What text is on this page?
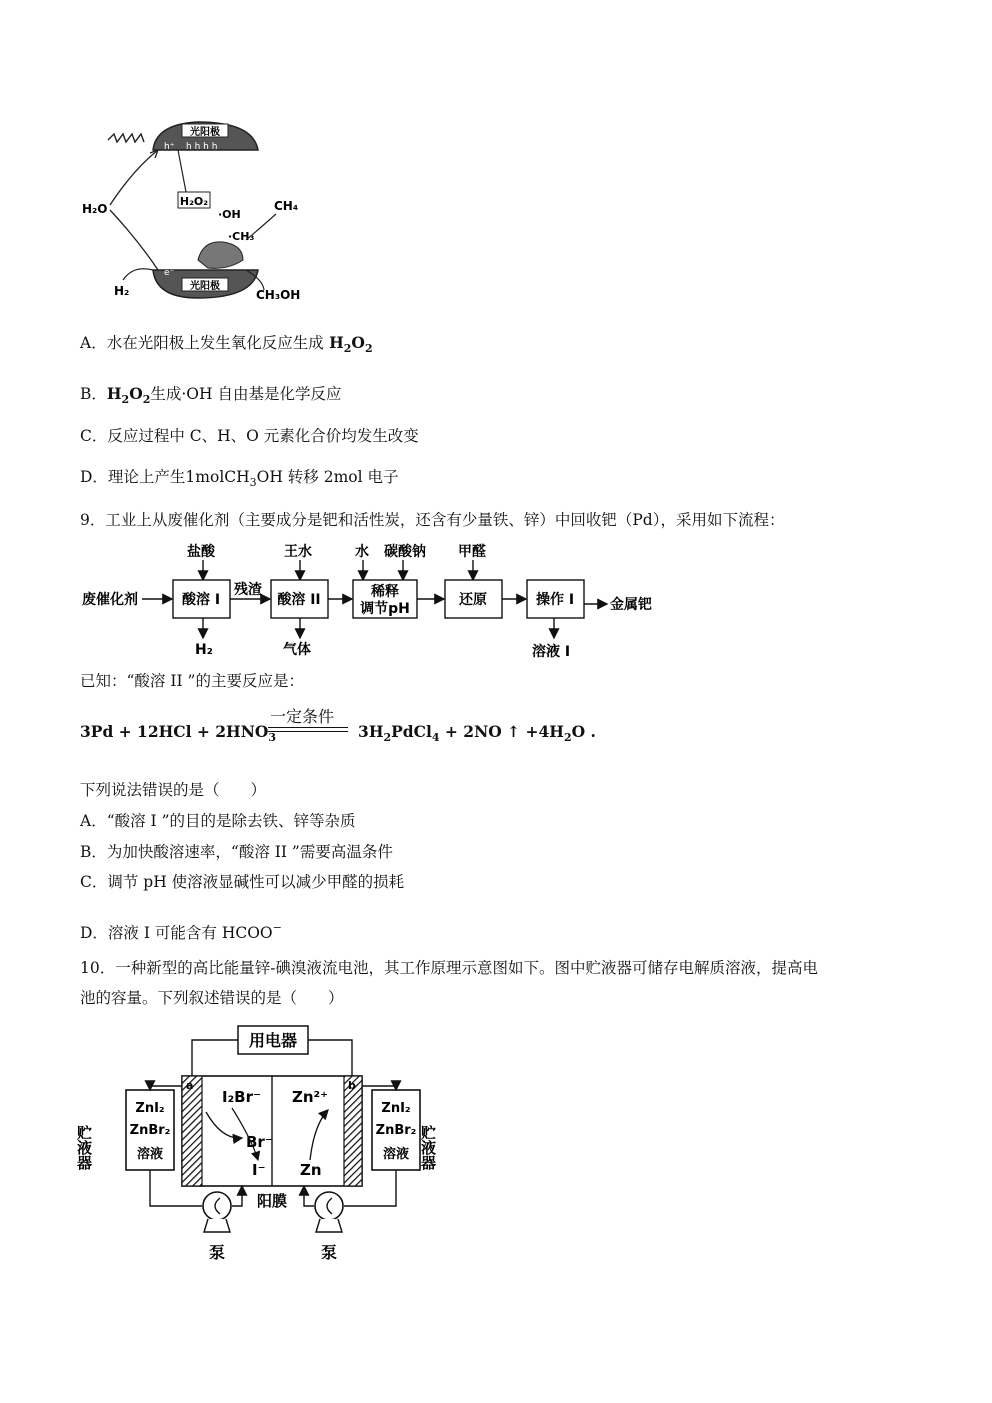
光阳极
h⁺ h h h h
光阳极
e⁻
H₂O
H₂O₂
·OH
·CH₃
CH₄
H₂	CH₃OH
A．水在光阳极上发生氧化反应生成 $H_2O_2$
B．$H_2O_2$生成·OH 自由基是化学反应
C．反应过程中 C、H、O 元素化合价均发生改变
D．理论上产生1molCH$_3$OH 转移 2mol 电子
9．工业上从废催化剂（主要成分是钯和活性炭，还含有少量铁、锌）中回收钯（Pd），采用如下流程：
废催化剂
盐酸
酸溶 I
H₂
残渣
王水
酸溶 II
气体
水 碳酸钠
稀释
调节pH
甲醛
还原	操作 I	金属钯
溶液 I
已知：“酸溶 II ”的主要反应是：
一定条件
$3Pd + 12HCl + 2HNO_3$	$3H_2PdCl_4 + 2NO$ ↑ $+4H_2O$ .
下列说法错误的是（　　）
A．“酸溶 I ”的目的是除去铁、锌等杂质
B．为加快酸溶速率，“酸溶 II ”需要高温条件
C．调节 pH 使溶液显碱性可以减少甲醛的损耗
D．溶液 I 可能含有 HCOO−
10．一种新型的高比能量锌-碘溴液流电池，其工作原理示意图如下。图中贮液器可储存电解质溶液，提高电
池的容量。下列叙述错误的是（　　）
用电器
a	b
I₂Br⁻
Br⁻
I⁻
Zn²⁺
Zn
贮液器
ZnI₂
ZnBr₂
溶液
ZnI₂
ZnBr₂
溶液 贮液器
阳膜
泵	泵
